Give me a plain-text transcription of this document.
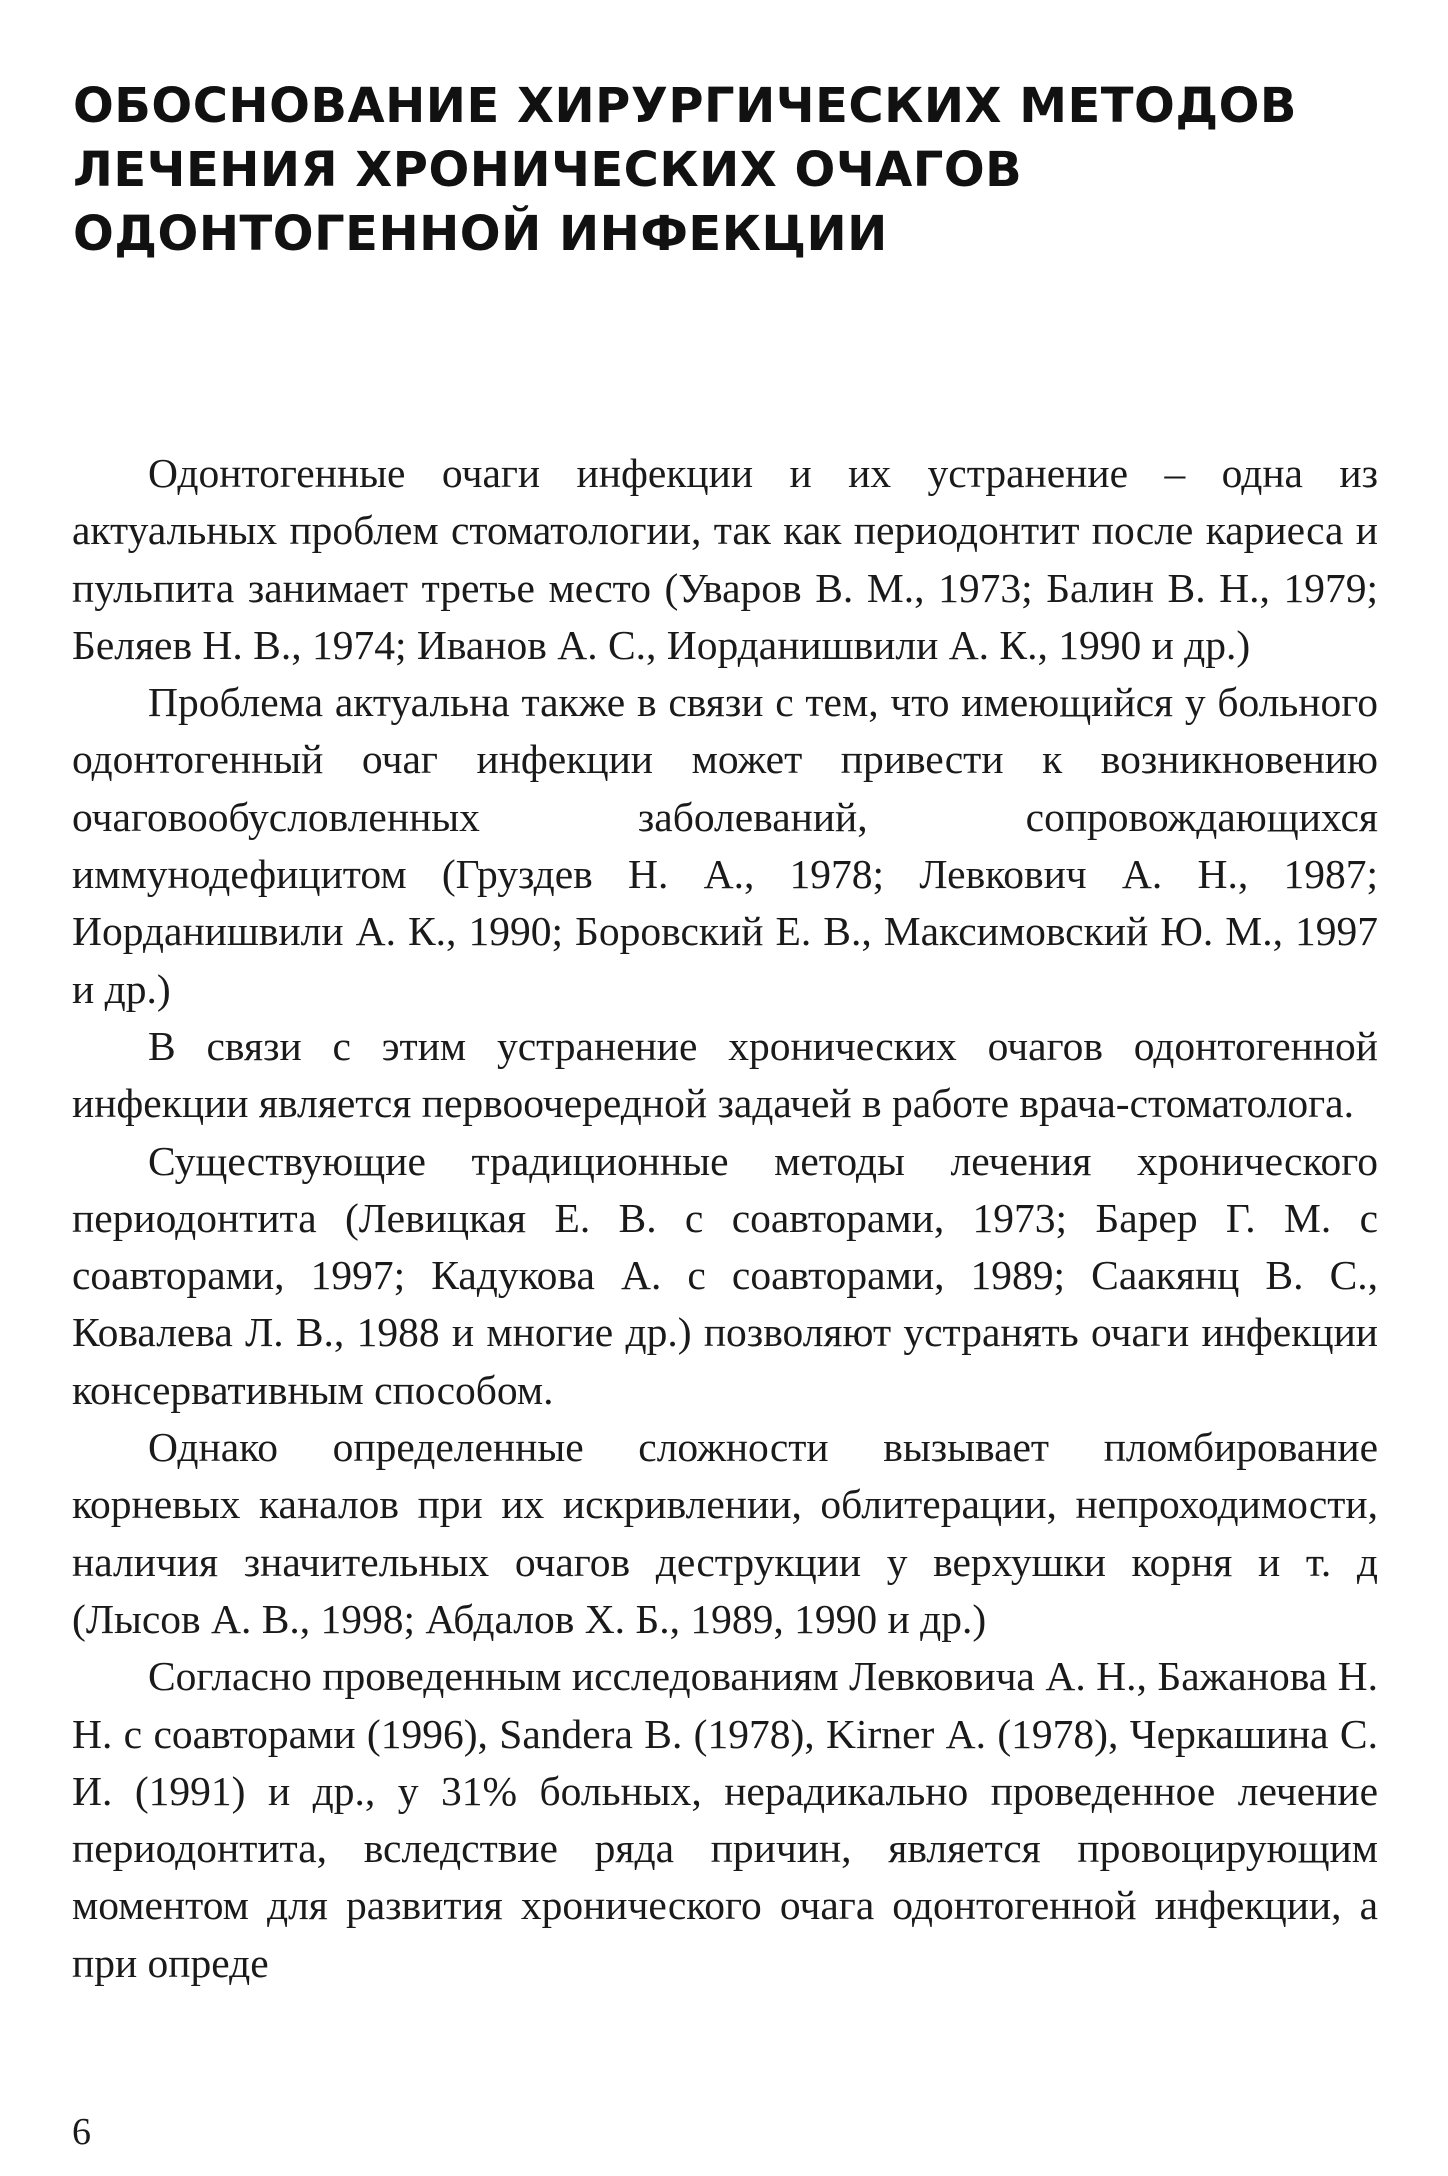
ОБОСНОВАНИЕ ХИРУРГИЧЕСКИХ МЕТОДОВ
ЛЕЧЕНИЯ ХРОНИЧЕСКИХ ОЧАГОВ
ОДОНТОГЕННОЙ ИНФЕКЦИИ

Одонтогенные очаги инфекции и их устранение – одна из актуальных проблем стоматологии, так как периодонтит после кариеса и пульпита занимает третье место (Уваров В. М., 1973; Балин В. Н., 1979; Беляев Н. В., 1974; Иванов А. С., Иорданишвили А. К., 1990 и др.)

Проблема актуальна также в связи с тем, что имеющийся у больного одонтогенный очаг инфекции может привести к возникновению очаговообусловленных заболеваний, сопровождающихся иммунодефицитом (Груздев Н. А., 1978; Левкович А. Н., 1987; Иорданишвили А. К., 1990; Боровский Е. В., Максимовский Ю. М., 1997 и др.)

В связи с этим устранение хронических очагов одонтогенной инфекции является первоочередной задачей в работе врача-стоматолога.

Существующие традиционные методы лечения хронического периодонтита (Левицкая Е. В. с соавторами, 1973; Барер Г. М. с соавторами, 1997; Кадукова А. с соавторами, 1989; Саакянц В. С., Ковалева Л. В., 1988 и многие др.) позволяют устранять очаги инфекции консервативным способом.

Однако определенные сложности вызывает пломбирование корневых каналов при их искривлении, облитерации, непроходимости, наличия значительных очагов деструкции у верхушки корня и т. д (Лысов А. В., 1998; Абдалов Х. Б., 1989, 1990 и др.)

Согласно проведенным исследованиям Левковича А. Н., Бажанова Н. Н. с соавторами (1996), Sandera В. (1978), Kirner А. (1978), Черкашина С. И. (1991) и др., у 31% больных, нерадикально проведенное лечение периодонтита, вследствие ряда причин, является провоцирующим моментом для развития хронического очага одонтогенной инфекции, а при опреде

6
